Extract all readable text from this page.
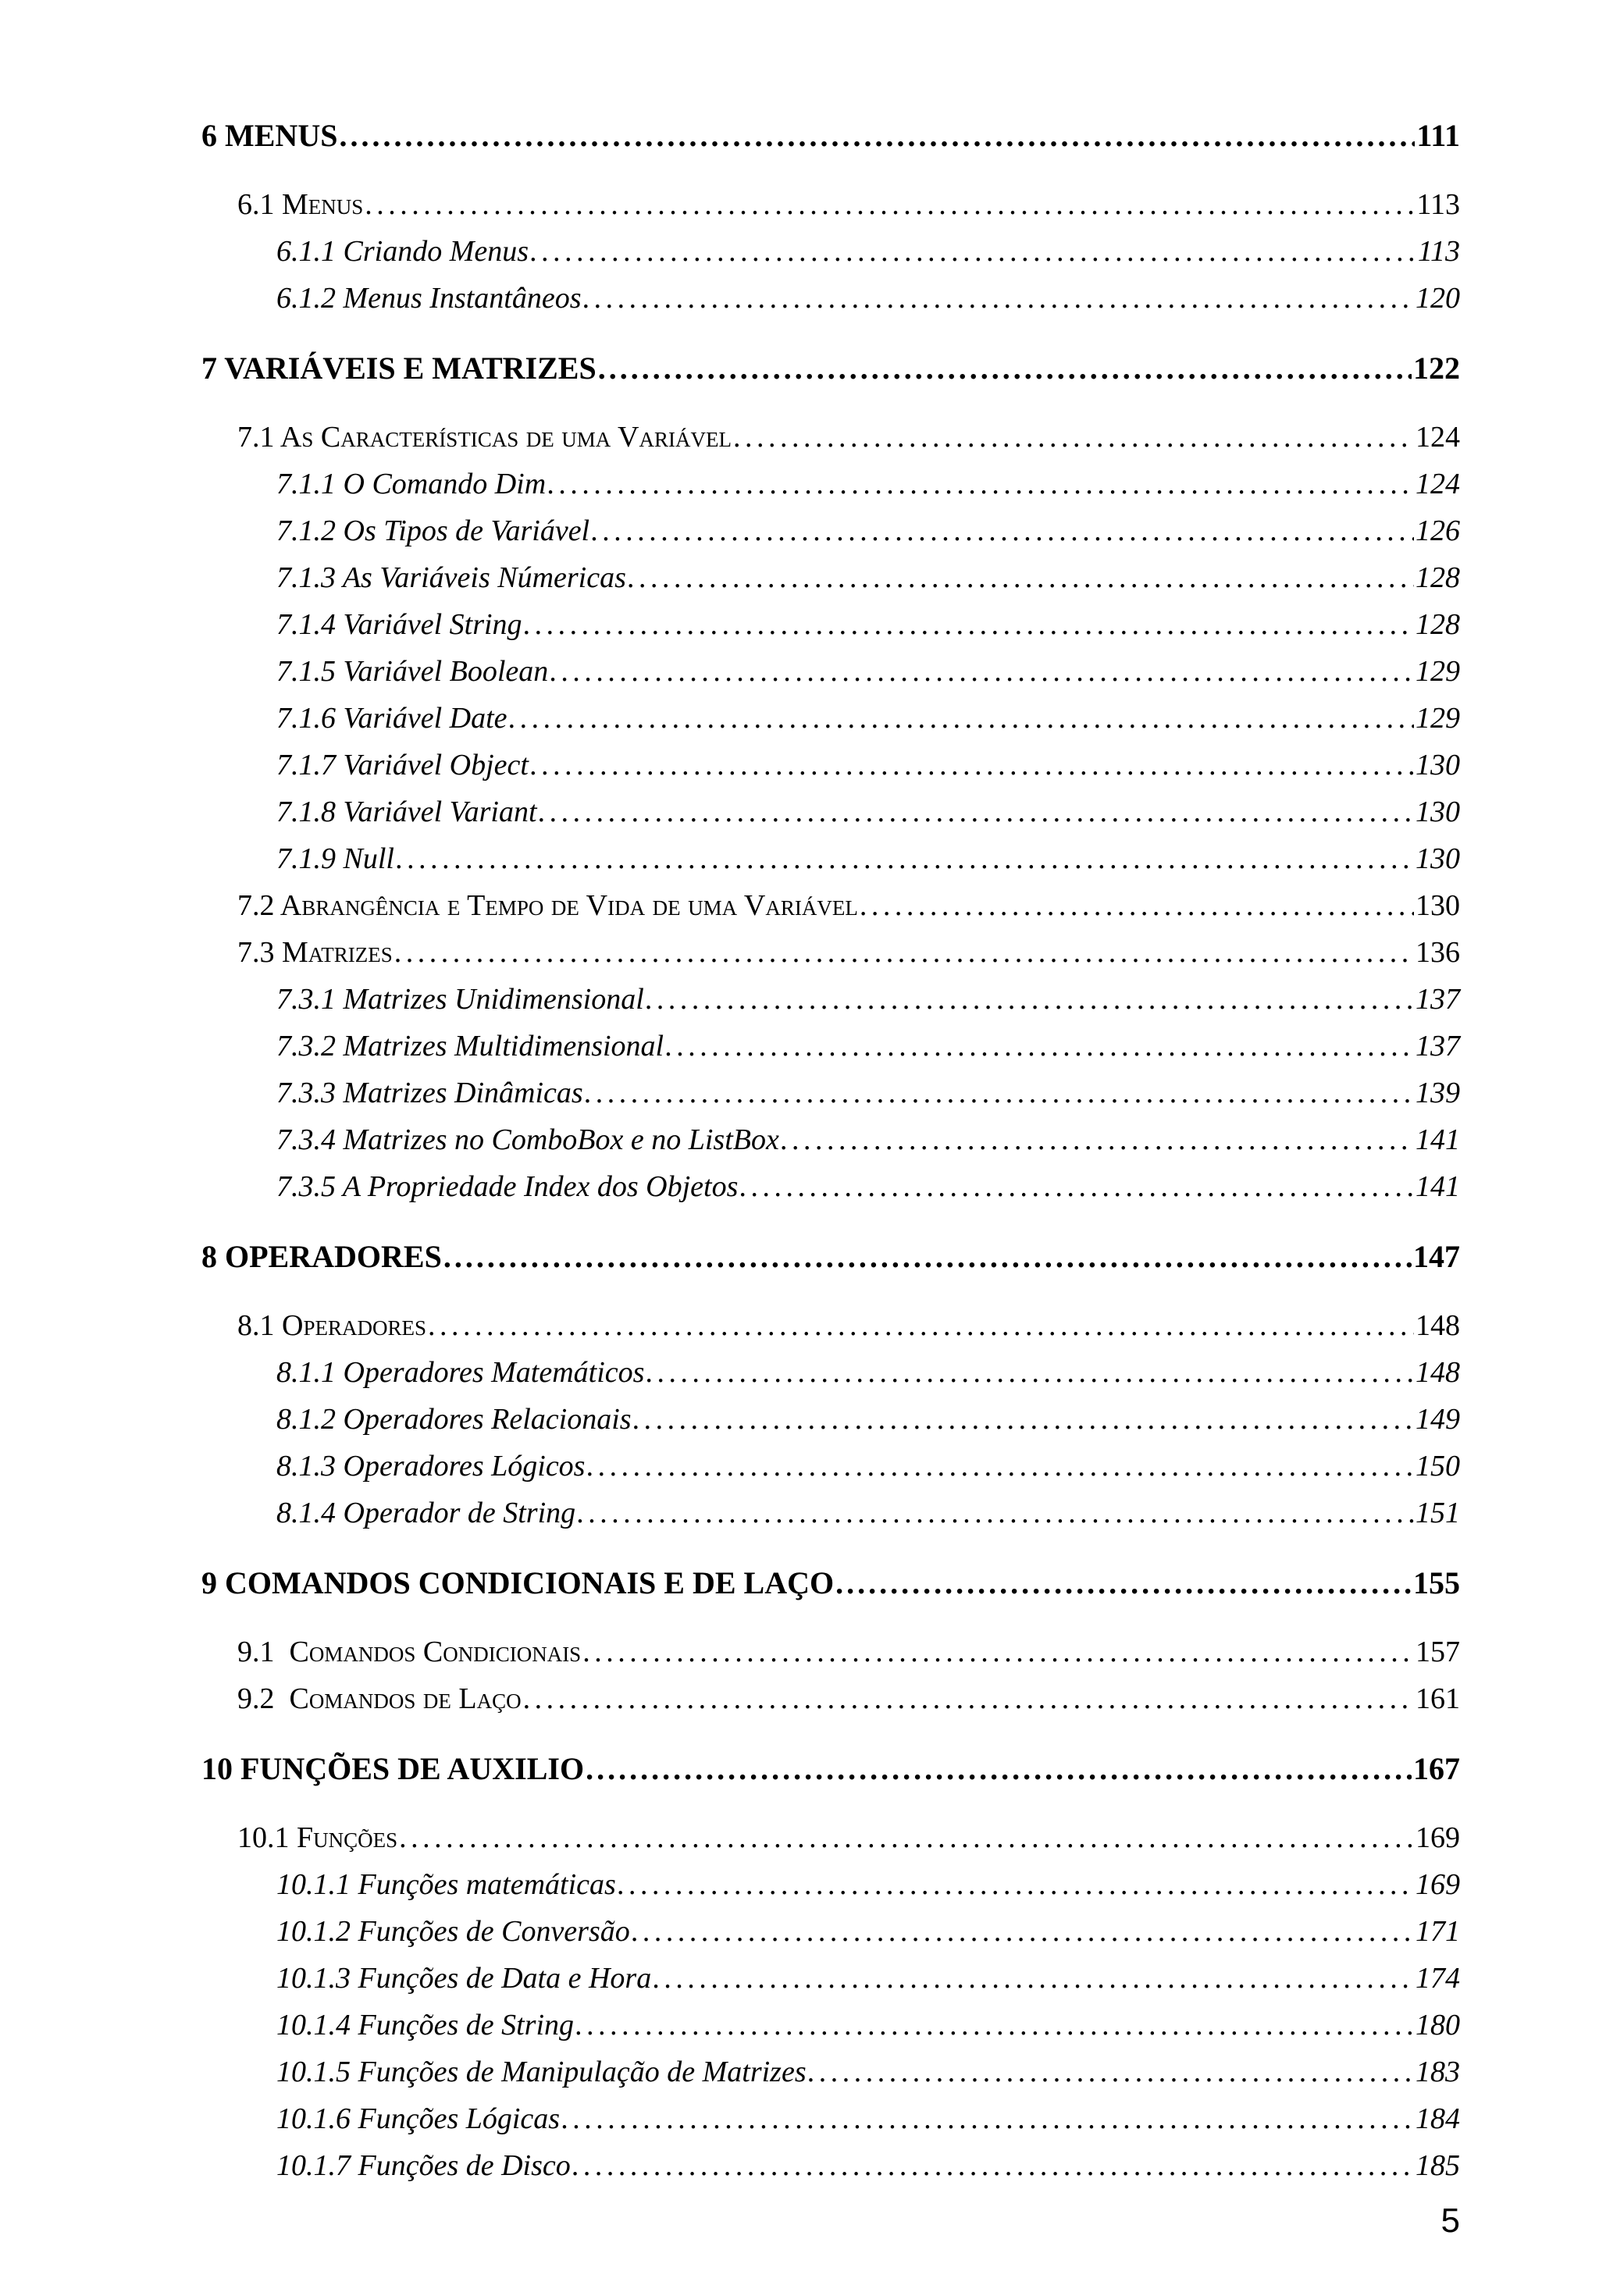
6 MENUS . . .	111
6.1 Menus . . .	113
6.1.1 Criando Menus . . .	113
6.1.2 Menus Instantâneos . . .	120
7 VARIÁVEIS E MATRIZES . . .	122
7.1 As Características de uma Variável . . .	124
7.1.1 O Comando Dim . . .	124
7.1.2 Os Tipos de Variável . . .	126
7.1.3 As Variáveis Númericas . . .	128
7.1.4 Variável String . . .	128
7.1.5 Variável Boolean . . .	129
7.1.6 Variável Date . . .	129
7.1.7 Variável Object . . .	130
7.1.8 Variável Variant . . .	130
7.1.9 Null . . .	130
7.2 Abrangência e Tempo de Vida de uma Variável . . .	130
7.3 Matrizes . . .	136
7.3.1 Matrizes Unidimensional . . .	137
7.3.2 Matrizes Multidimensional . . .	137
7.3.3 Matrizes Dinâmicas . . .	139
7.3.4 Matrizes no ComboBox e no ListBox . . .	141
7.3.5 A Propriedade Index dos Objetos . . .	141
8 OPERADORES . . .	147
8.1 Operadores . . .	148
8.1.1 Operadores Matemáticos . . .	148
8.1.2 Operadores Relacionais . . .	149
8.1.3 Operadores Lógicos . . .	150
8.1.4 Operador de String . . .	151
9 COMANDOS CONDICIONAIS E DE LAÇO . . .	155
9.1  Comandos Condicionais . . .	157
9.2  Comandos de Laço . . .	161
10 FUNÇÕES DE AUXILIO . . .	167
10.1 Funções . . .	169
10.1.1 Funções matemáticas . . .	169
10.1.2 Funções de Conversão . . .	171
10.1.3 Funções de Data e Hora . . .	174
10.1.4 Funções de String . . .	180
10.1.5 Funções de Manipulação de Matrizes . . .	183
10.1.6 Funções Lógicas . . .	184
10.1.7 Funções de Disco . . .	185
5
